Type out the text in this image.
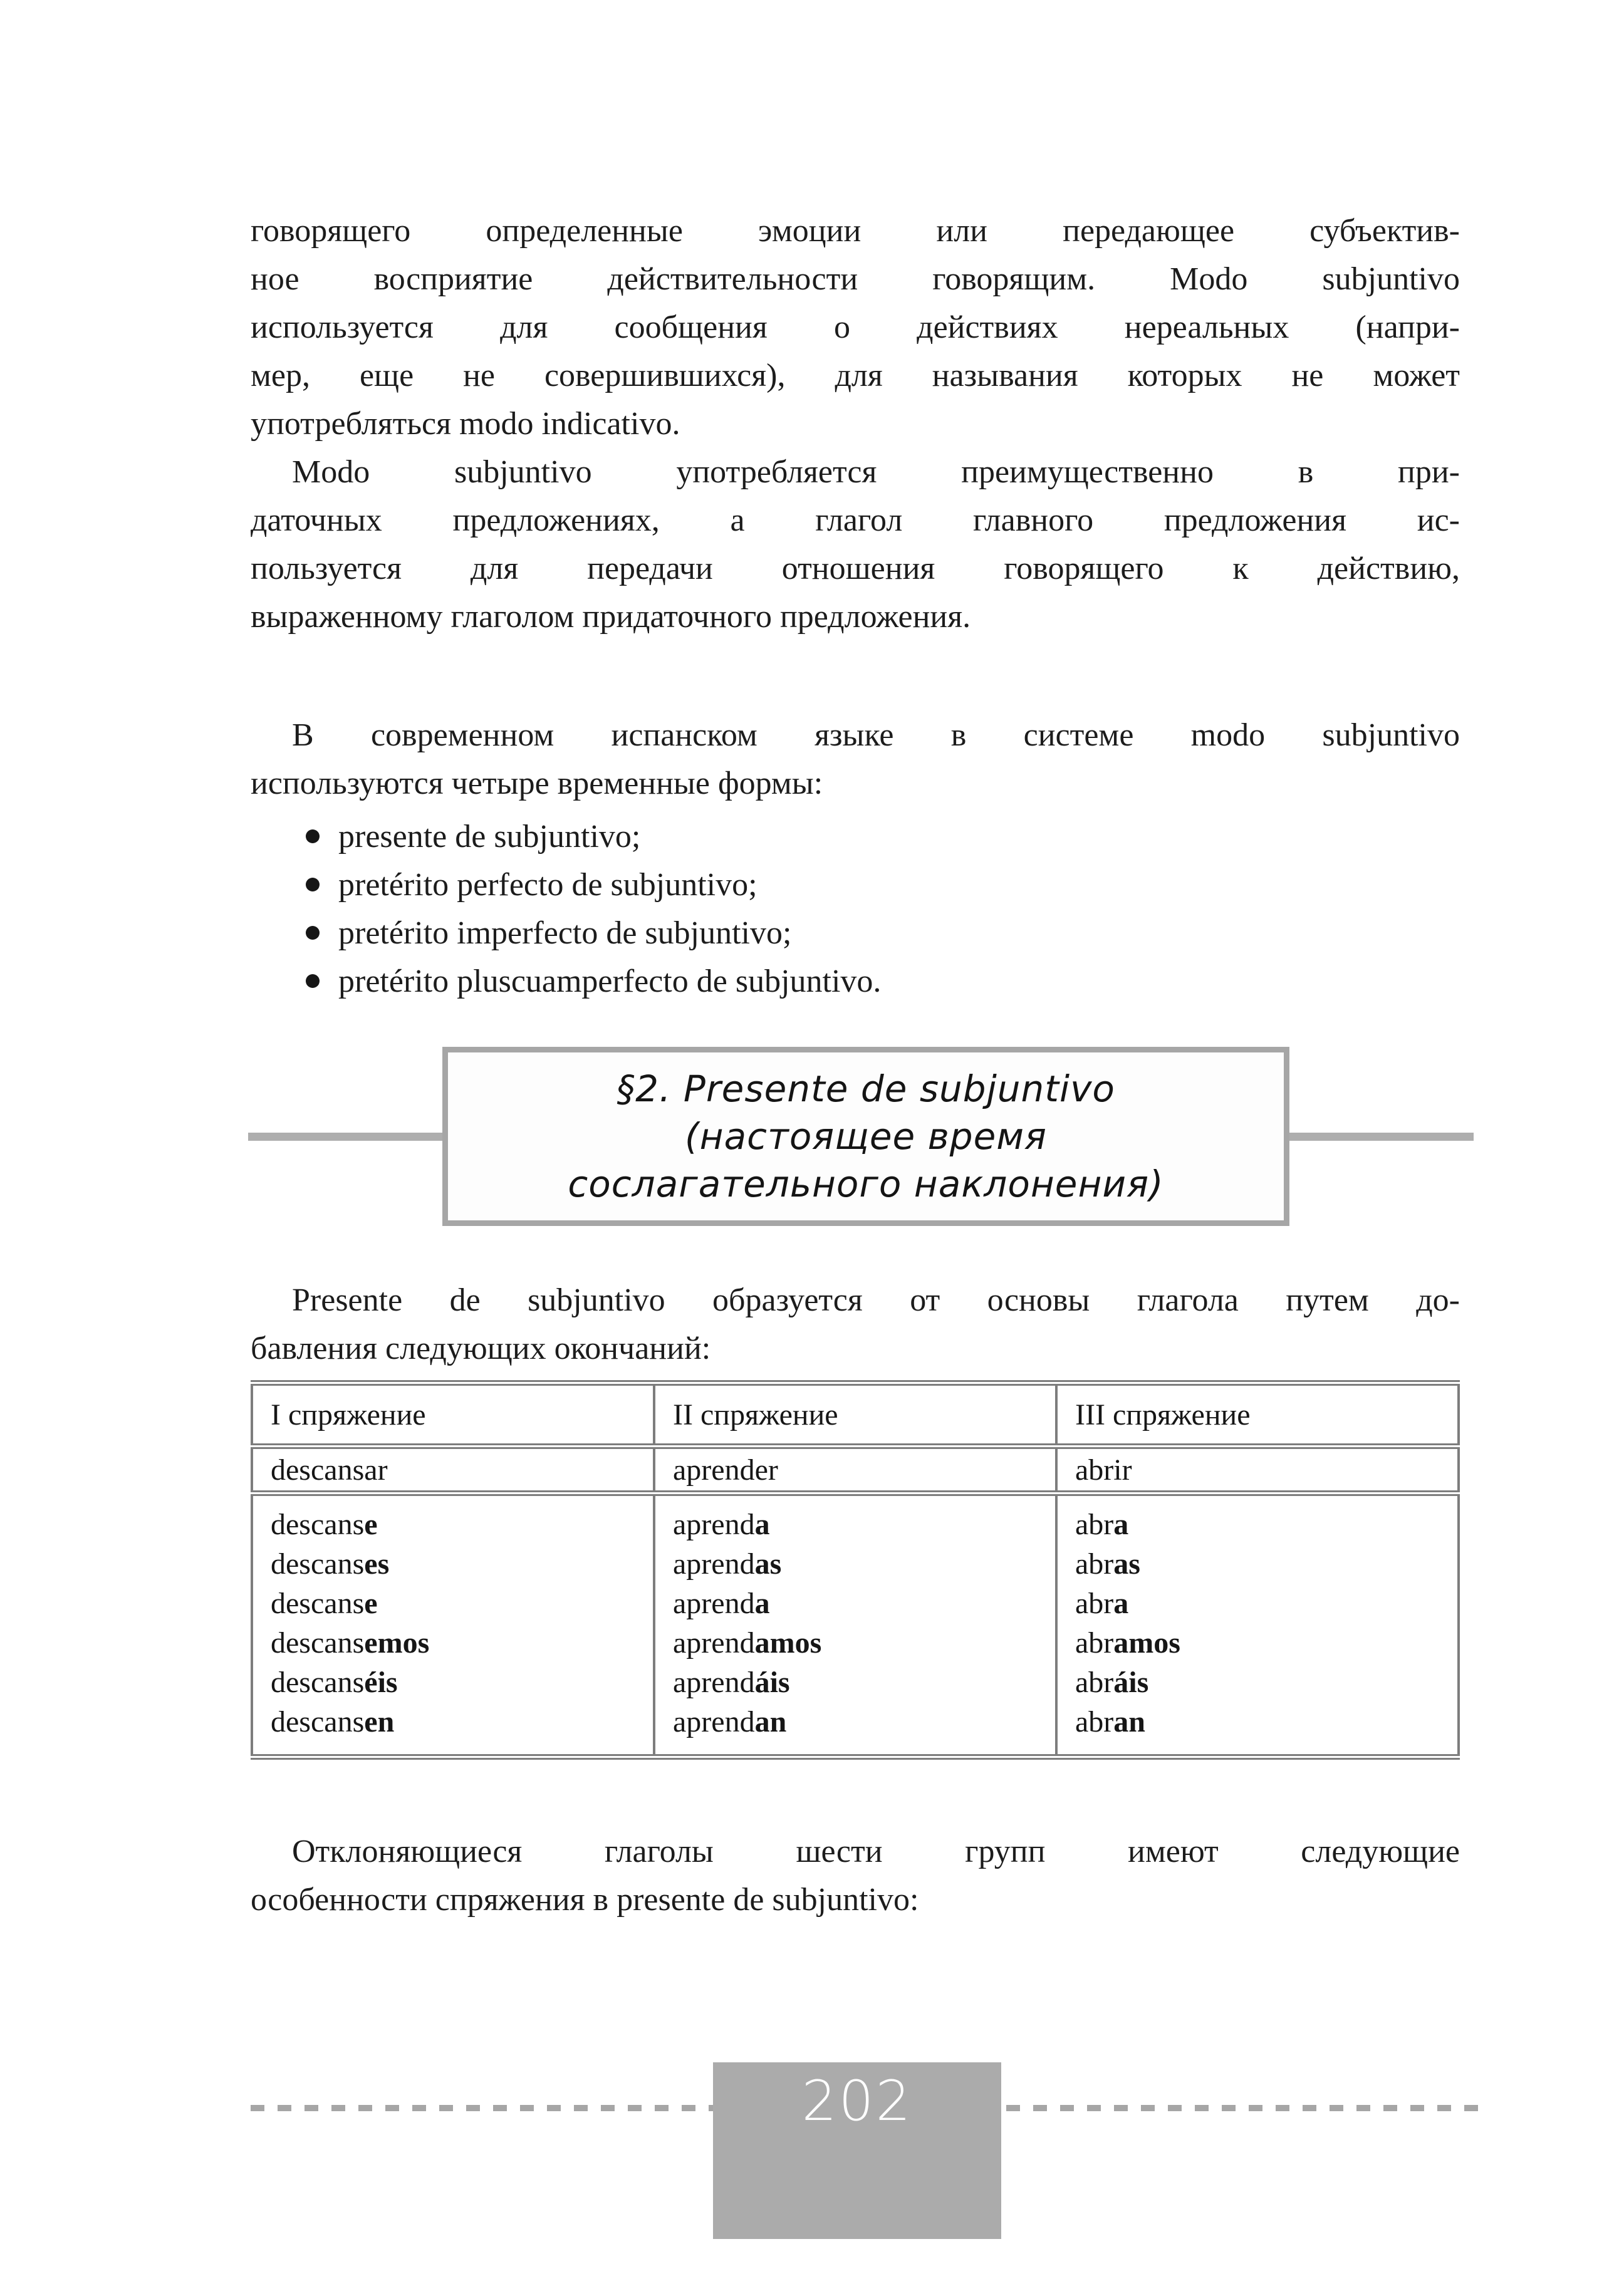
говорящего определенные эмоции или передающее субъектив-
ное восприятие действительности говорящим. Modo subjuntivo
используется для сообщения о действиях нереальных (напри-
мер, еще не совершившихся), для называния которых не может
употребляться modo indicativo.
Modo subjuntivo употребляется преимущественно в при-
даточных предложениях, а глагол главного предложения ис-
пользуется для передачи отношения говорящего к действию,
выраженному глаголом придаточного предложения.
В современном испанском языке в системе modo subjuntivo
используются четыре временные формы:
presente de subjuntivo;
pretérito perfecto de subjuntivo;
pretérito imperfecto de subjuntivo;
pretérito pluscuamperfecto de subjuntivo.
§2. Presente de subjuntivo
(настоящее время
сослагательного наклонения)
Presente de subjuntivo образуется от основы глагола путем до-
бавления следующих окончаний:
I спряжение	II спряжение	III спряжение
descansar	aprender	abrir

descanse
descanses
descanse
descansemos
descanséis
descansen

aprenda
aprendas
aprenda
aprendamos
aprendáis
aprendan

abra
abras
abra
abramos
abráis
abran
Отклоняющиеся глаголы шести групп имеют следующие
особенности спряжения в presente de subjuntivo:
202
